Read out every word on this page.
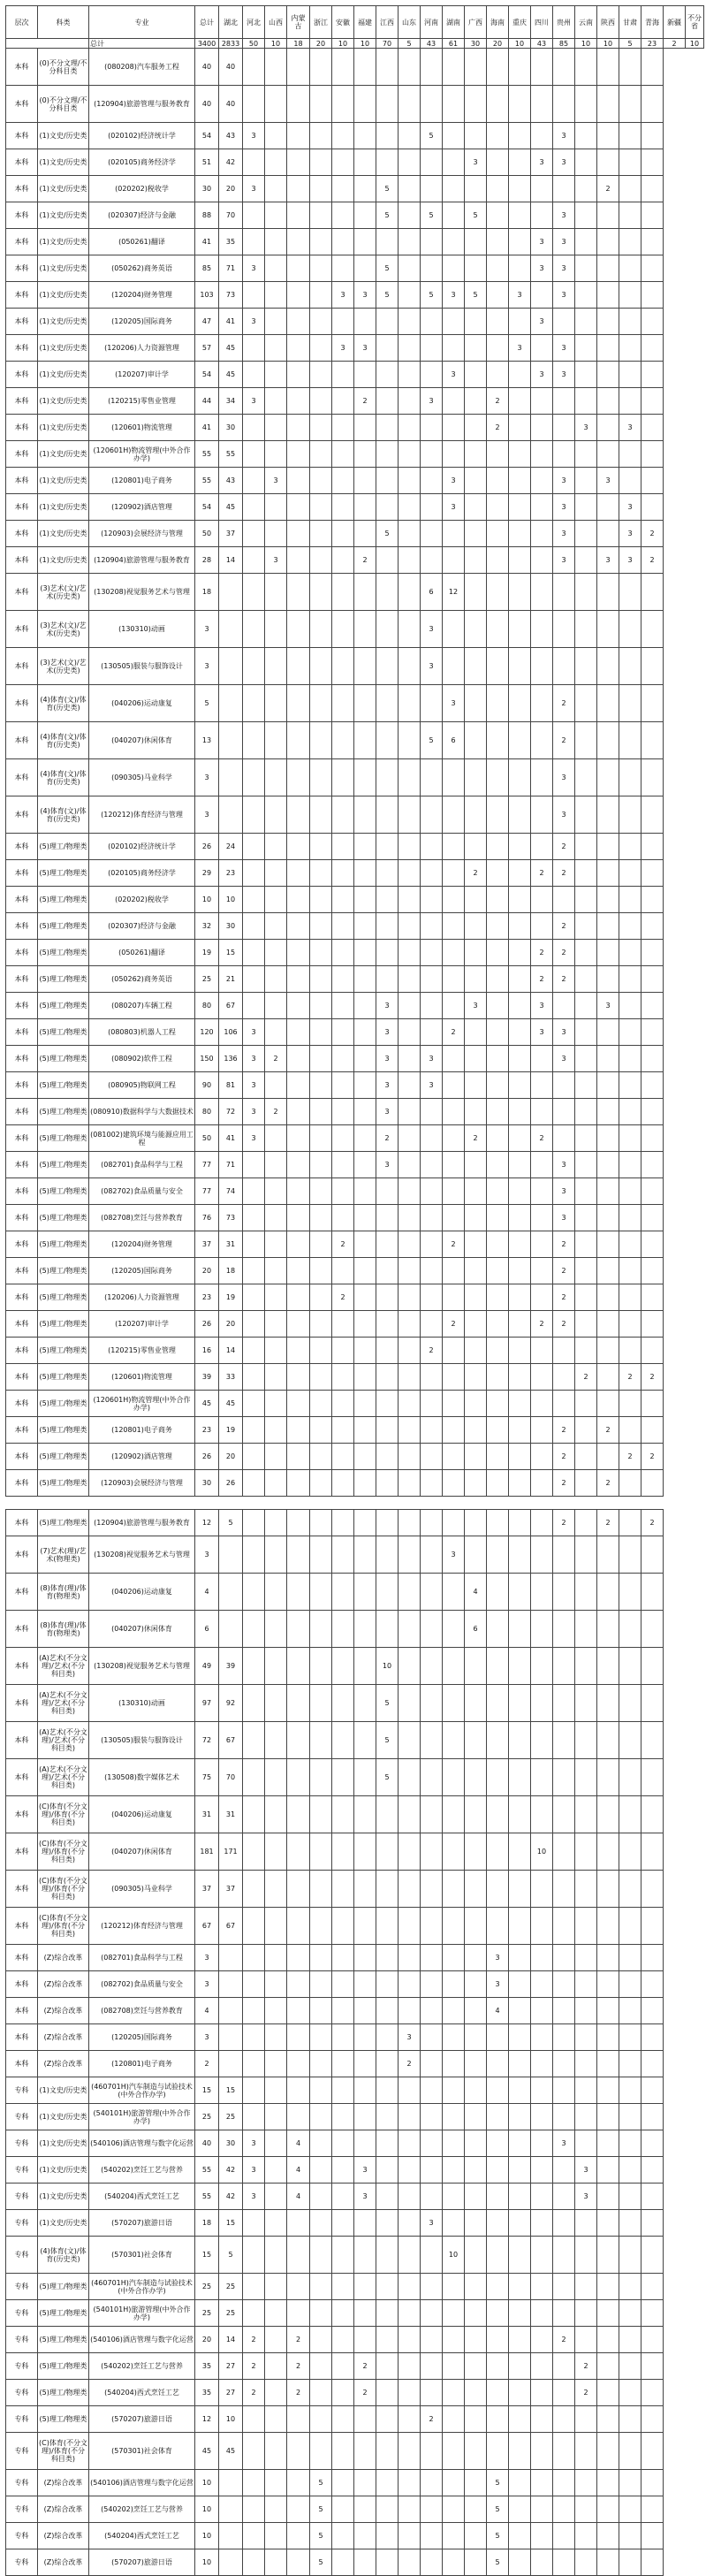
层次	科类	专业	总计	湖北	河北	山西	内蒙古	浙江	安徽	福建	江西	山东	河南	湖南	广西	海南	重庆	四川	贵州	云南	陕西	甘肃	青海	新疆	不分省	
		总计	3400	2833	50	10	18	20	10	10	70	5	43	61	30	20	10	43	85	10	10	5	23	2	10	
本科	(0)不分文理/不分科目类	(080208)汽车服务工程	40	40																						
本科	(0)不分文理/不分科目类	(120904)旅游管理与服务教育	40	40																						
本科	(1)文史/历史类	(020102)经济统计学	54	43	3								5						3							
本科	(1)文史/历史类	(020105)商务经济学	51	42											3			3	3							
本科	(1)文史/历史类	(020202)税收学	30	20	3						5										2					
本科	(1)文史/历史类	(020307)经济与金融	88	70							5		5		5				3							
本科	(1)文史/历史类	(050261)翻译	41	35														3	3							
本科	(1)文史/历史类	(050262)商务英语	85	71	3						5							3	3							
本科	(1)文史/历史类	(120204)财务管理	103	73					3	3	5		5	3	5		3		3							
本科	(1)文史/历史类	(120205)国际商务	47	41	3													3								
本科	(1)文史/历史类	(120206)人力资源管理	57	45					3	3							3		3							
本科	(1)文史/历史类	(120207)审计学	54	45										3				3	3							
本科	(1)文史/历史类	(120215)零售业管理	44	34	3					2			3			2										
本科	(1)文史/历史类	(120601)物流管理	41	30												2				3		3				
本科	(1)文史/历史类	(120601H)物流管理(中外合作办学)	55	55																						
本科	(1)文史/历史类	(120801)电子商务	55	43		3								3					3		3					
本科	(1)文史/历史类	(120902)酒店管理	54	45										3					3			3				
本科	(1)文史/历史类	(120903)会展经济与管理	50	37							5								3			3	2			
本科	(1)文史/历史类	(120904)旅游管理与服务教育	28	14		3				2									3		3	3	2			
本科	(3)艺术(文)/艺术(历史类)	(130208)视觉服务艺术与管理	18										6	12												
本科	(3)艺术(文)/艺术(历史类)	(130310)动画	3										3													
本科	(3)艺术(文)/艺术(历史类)	(130505)服装与服饰设计	3										3													
本科	(4)体育(文)/体育(历史类)	(040206)运动康复	5											3					2							
本科	(4)体育(文)/体育(历史类)	(040207)休闲体育	13										5	6					2							
本科	(4)体育(文)/体育(历史类)	(090305)马业科学	3																3							
本科	(4)体育(文)/体育(历史类)	(120212)体育经济与管理	3																3							
本科	(5)理工/物理类	(020102)经济统计学	26	24															2							
本科	(5)理工/物理类	(020105)商务经济学	29	23											2			2	2							
本科	(5)理工/物理类	(020202)税收学	10	10																						
本科	(5)理工/物理类	(020307)经济与金融	32	30															2							
本科	(5)理工/物理类	(050261)翻译	19	15														2	2							
本科	(5)理工/物理类	(050262)商务英语	25	21														2	2							
本科	(5)理工/物理类	(080207)车辆工程	80	67							3				3			3			3					
本科	(5)理工/物理类	(080803)机器人工程	120	106	3						3			2				3	3							
本科	(5)理工/物理类	(080902)软件工程	150	136	3	2					3		3						3							
本科	(5)理工/物理类	(080905)物联网工程	90	81	3						3		3													
本科	(5)理工/物理类	(080910)数据科学与大数据技术	80	72	3	2					3															
本科	(5)理工/物理类	(081002)建筑环境与能源应用工程	50	41	3						2				2			2								
本科	(5)理工/物理类	(082701)食品科学与工程	77	71							3								3							
本科	(5)理工/物理类	(082702)食品质量与安全	77	74															3							
本科	(5)理工/物理类	(082708)烹饪与营养教育	76	73															3							
本科	(5)理工/物理类	(120204)财务管理	37	31					2					2					2							
本科	(5)理工/物理类	(120205)国际商务	20	18															2							
本科	(5)理工/物理类	(120206)人力资源管理	23	19					2										2							
本科	(5)理工/物理类	(120207)审计学	26	20										2				2	2							
本科	(5)理工/物理类	(120215)零售业管理	16	14									2													
本科	(5)理工/物理类	(120601)物流管理	39	33																2		2	2			
本科	(5)理工/物理类	(120601H)物流管理(中外合作办学)	45	45																						
本科	(5)理工/物理类	(120801)电子商务	23	19															2		2					
本科	(5)理工/物理类	(120902)酒店管理	26	20															2			2	2			
本科	(5)理工/物理类	(120903)会展经济与管理	30	26															2		2					
本科	(5)理工/物理类	(120904)旅游管理与服务教育	12	5															2		2		2
本科	(7)艺术(理)/艺术(物理类)	(130208)视觉服务艺术与管理	3											3									
本科	(8)体育(理)/体育(物理类)	(040206)运动康复	4												4								
本科	(8)体育(理)/体育(物理类)	(040207)休闲体育	6												6								
本科	(A)艺术(不分文理)/艺术(不分科目类)	(130208)视觉服务艺术与管理	49	39							10												
本科	(A)艺术(不分文理)/艺术(不分科目类)	(130310)动画	97	92							5												
本科	(A)艺术(不分文理)/艺术(不分科目类)	(130505)服装与服饰设计	72	67							5												
本科	(A)艺术(不分文理)/艺术(不分科目类)	(130508)数字媒体艺术	75	70							5												
本科	(C)体育(不分文理)/体育(不分科目类)	(040206)运动康复	31	31																			
本科	(C)体育(不分文理)/体育(不分科目类)	(040207)休闲体育	181	171														10					
本科	(C)体育(不分文理)/体育(不分科目类)	(090305)马业科学	37	37																			
本科	(C)体育(不分文理)/体育(不分科目类)	(120212)体育经济与管理	67	67																			
本科	(Z)综合改革	(082701)食品科学与工程	3													3							
本科	(Z)综合改革	(082702)食品质量与安全	3													3							
本科	(Z)综合改革	(082708)烹饪与营养教育	4													4							
本科	(Z)综合改革	(120205)国际商务	3									3											
本科	(Z)综合改革	(120801)电子商务	2									2											
专科	(1)文史/历史类	(460701H)汽车制造与试验技术(中外合作办学)	15	15																			
专科	(1)文史/历史类	(540101H)旅游管理(中外合作办学)	25	25																			
专科	(1)文史/历史类	(540106)酒店管理与数字化运营	40	30	3		4												3				
专科	(1)文史/历史类	(540202)烹饪工艺与营养	55	42	3		4			3										3			
专科	(1)文史/历史类	(540204)西式烹饪工艺	55	42	3		4			3										3			
专科	(1)文史/历史类	(570207)旅游日语	18	15									3										
专科	(4)体育(文)/体育(历史类)	(570301)社会体育	15	5										10									
专科	(5)理工/物理类	(460701H)汽车制造与试验技术(中外合作办学)	25	25																			
专科	(5)理工/物理类	(540101H)旅游管理(中外合作办学)	25	25																			
专科	(5)理工/物理类	(540106)酒店管理与数字化运营	20	14	2		2												2				
专科	(5)理工/物理类	(540202)烹饪工艺与营养	35	27	2		2			2										2			
专科	(5)理工/物理类	(540204)西式烹饪工艺	35	27	2		2			2										2			
专科	(5)理工/物理类	(570207)旅游日语	12	10									2										
专科	(C)体育(不分文理)/体育(不分科目类)	(570301)社会体育	45	45																			
专科	(Z)综合改革	(540106)酒店管理与数字化运营	10					5								5							
专科	(Z)综合改革	(540202)烹饪工艺与营养	10					5								5							
专科	(Z)综合改革	(540204)西式烹饪工艺	10					5								5							
专科	(Z)综合改革	(570207)旅游日语	10					5								5							
